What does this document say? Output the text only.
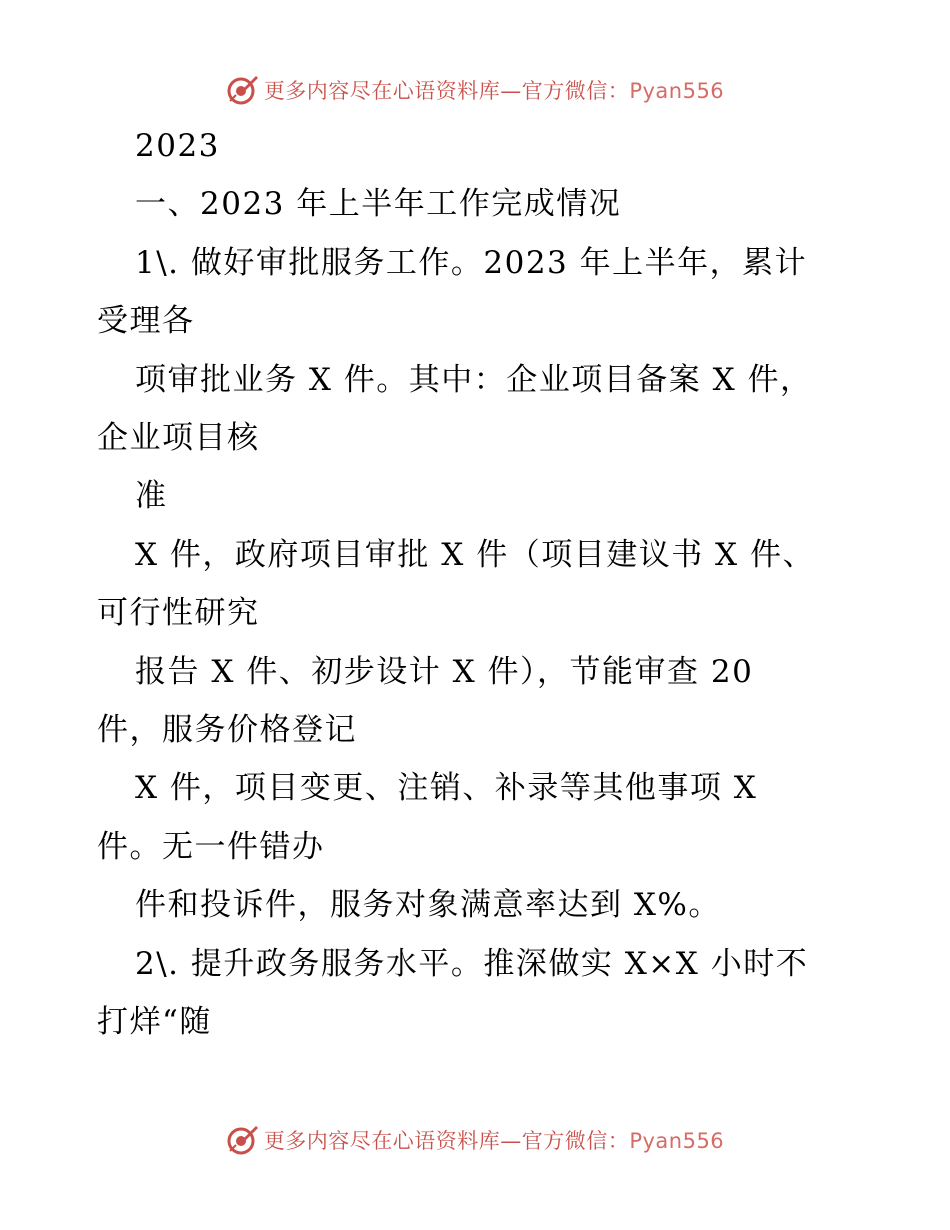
更多内容尽在心语资料库—官方微信：Pyan556
2023
一、2023 年上半年工作完成情况
1\. 做好审批服务工作。2023 年上半年，累计
受理各
项审批业务 X 件。其中：企业项目备案 X 件，
企业项目核
准
X 件，政府项目审批 X 件（项目建议书 X 件、
可行性研究
报告 X 件、初步设计 X 件），节能审查 20
件，服务价格登记
X 件，项目变更、注销、补录等其他事项 X
件。无一件错办
件和投诉件，服务对象满意率达到 X%。
2\. 提升政务服务水平。推深做实 X×X 小时不
打烊“随
更多内容尽在心语资料库—官方微信：Pyan556
